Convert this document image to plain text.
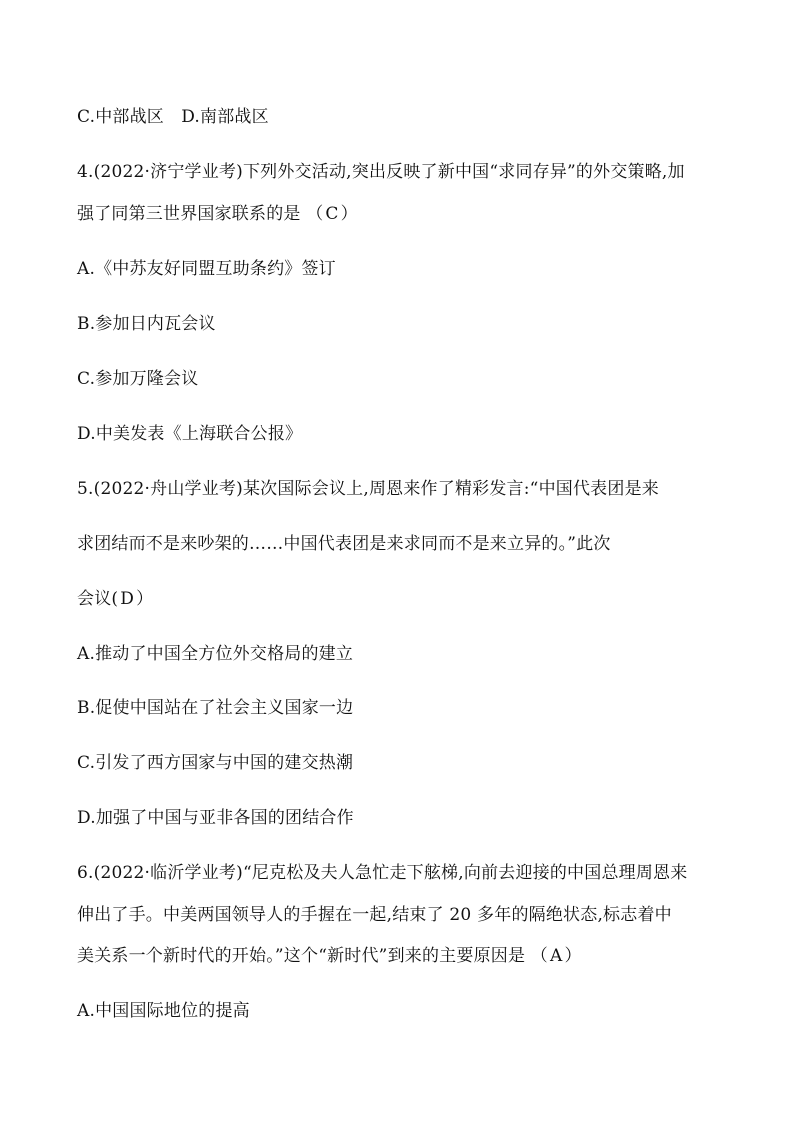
C.中部战区　D.南部战区
4.(2022·济宁学业考)下列外交活动,突出反映了新中国“求同存异”的外交策略,加
强了同第三世界国家联系的是 （ C ）
A.《中苏友好同盟互助条约》签订
B.参加日内瓦会议
C.参加万隆会议
D.中美发表《上海联合公报》
5.(2022·舟山学业考)某次国际会议上,周恩来作了精彩发言:“中国代表团是来
求团结而不是来吵架的……中国代表团是来求同而不是来立异的。”此次
会议( D ）
A.推动了中国全方位外交格局的建立
B.促使中国站在了社会主义国家一边
C.引发了西方国家与中国的建交热潮
D.加强了中国与亚非各国的团结合作
6.(2022·临沂学业考)“尼克松及夫人急忙走下舷梯,向前去迎接的中国总理周恩来
伸出了手。中美两国领导人的手握在一起,结束了 20 多年的隔绝状态,标志着中
美关系一个新时代的开始。”这个“新时代”到来的主要原因是 （ A ）
A.中国国际地位的提高
